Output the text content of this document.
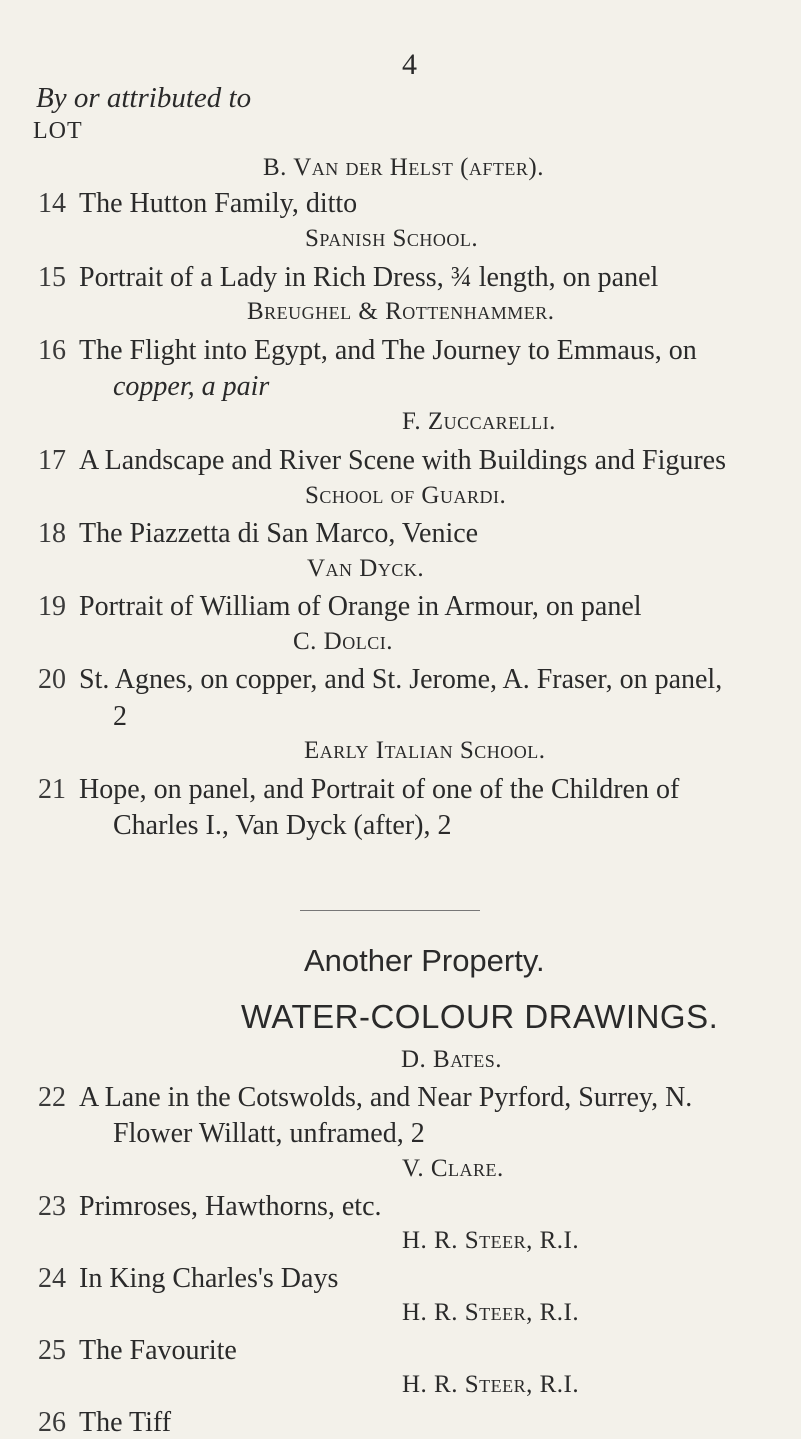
4
By or attributed to
LOT
B. Van der Helst (after).
14 The Hutton Family, ditto
Spanish School.
15 Portrait of a Lady in Rich Dress, ¾ length, on panel
Breughel & Rottenhammer.
16 The Flight into Egypt, and The Journey to Emmaus, on
copper, a pair
F. Zuccarelli.
17 A Landscape and River Scene with Buildings and Figures
School of Guardi.
18 The Piazzetta di San Marco, Venice
Van Dyck.
19 Portrait of William of Orange in Armour, on panel
C. Dolci.
20 St. Agnes, on copper, and St. Jerome, A. Fraser, on panel,
2
Early Italian School.
21 Hope, on panel, and Portrait of one of the Children of
Charles I., Van Dyck (after), 2
Another Property.
WATER-COLOUR DRAWINGS.
D. Bates.
22 A Lane in the Cotswolds, and Near Pyrford, Surrey, N.
Flower Willatt, unframed, 2
V. Clare.
23 Primroses, Hawthorns, etc.
H. R. Steer, R.I.
24 In King Charles's Days
H. R. Steer, R.I.
25 The Favourite
H. R. Steer, R.I.
26 The Tiff
